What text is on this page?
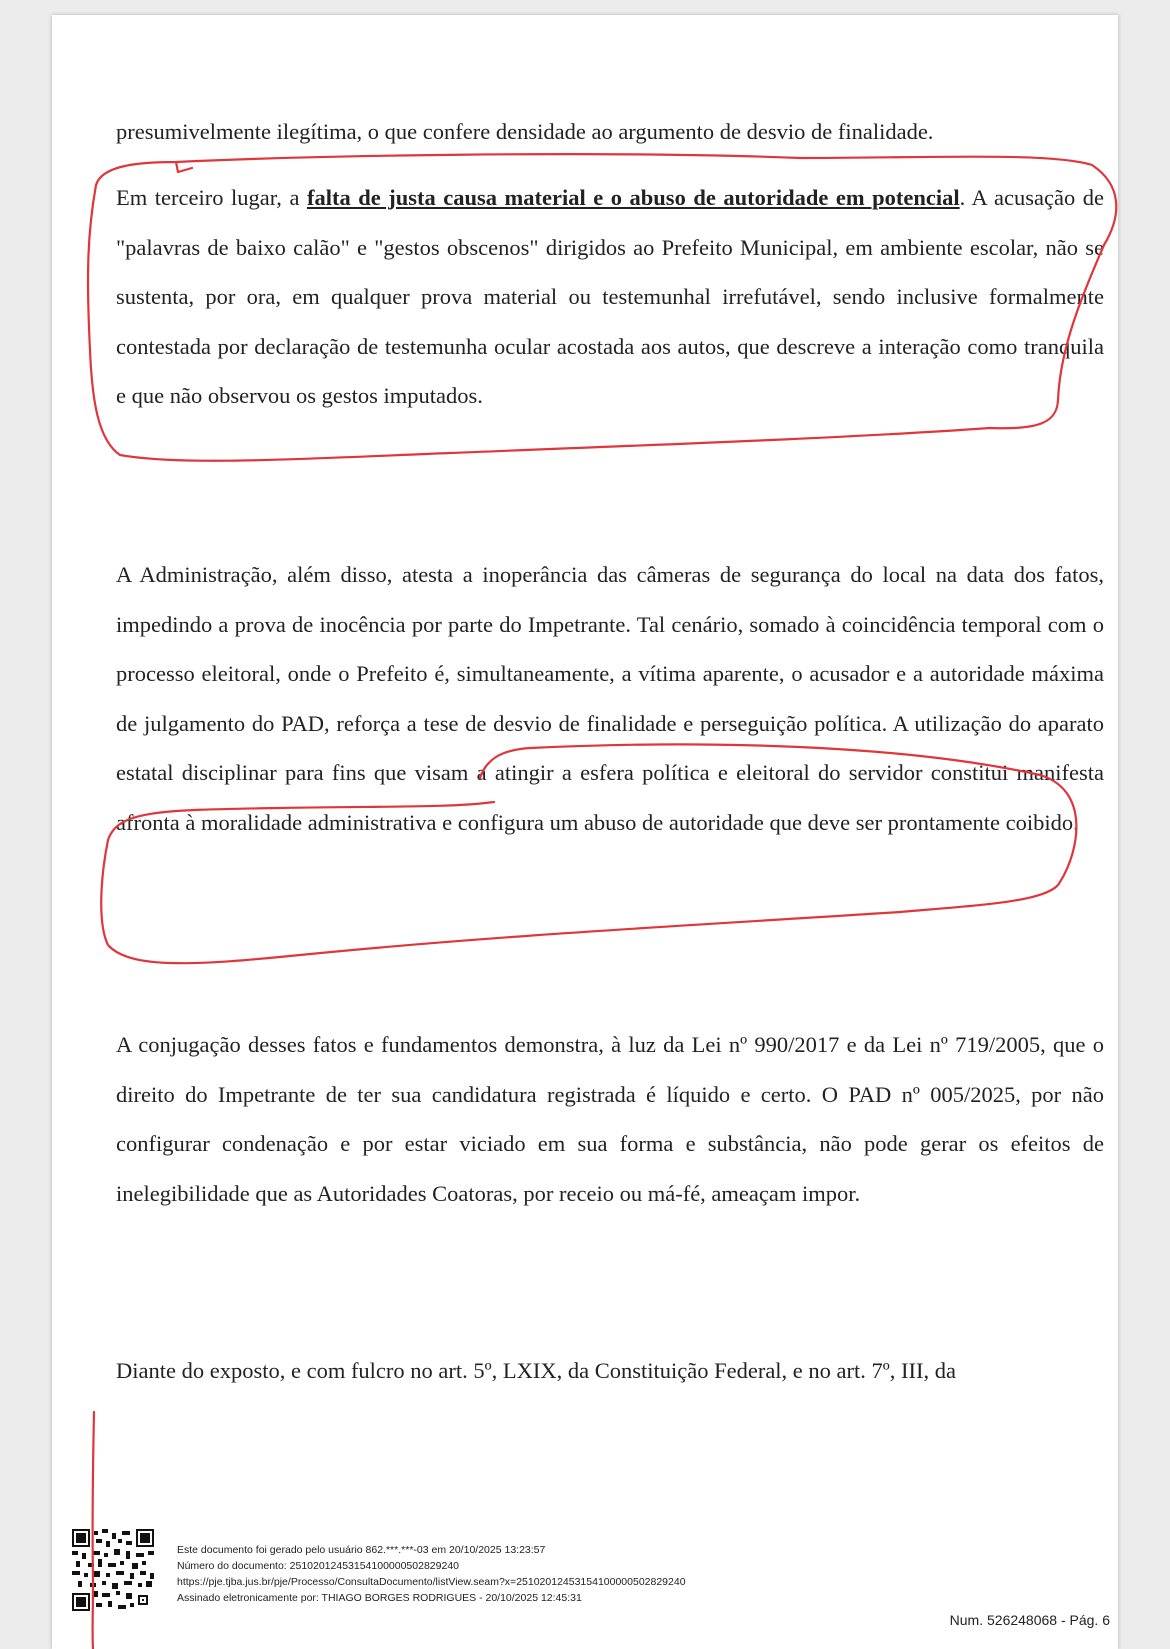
presumivelmente ilegítima, o que confere densidade ao argumento de desvio de finalidade.

Em terceiro lugar, a falta de justa causa material e o abuso de autoridade em potencial. A acusação de "palavras de baixo calão" e "gestos obscenos" dirigidos ao Prefeito Municipal, em ambiente escolar, não se sustenta, por ora, em qualquer prova material ou testemunhal irrefutável, sendo inclusive formalmente contestada por declaração de testemunha ocular acostada aos autos, que descreve a interação como tranquila e que não observou os gestos imputados.

A Administração, além disso, atesta a inoperância das câmeras de segurança do local na data dos fatos, impedindo a prova de inocência por parte do Impetrante. Tal cenário, somado à coincidência temporal com o processo eleitoral, onde o Prefeito é, simultaneamente, a vítima aparente, o acusador e a autoridade máxima de julgamento do PAD, reforça a tese de desvio de finalidade e perseguição política. A utilização do aparato estatal disciplinar para fins que visam a atingir a esfera política e eleitoral do servidor constitui manifesta afronta à moralidade administrativa e configura um abuso de autoridade que deve ser prontamente coibido.

A conjugação desses fatos e fundamentos demonstra, à luz da Lei nº 990/2017 e da Lei nº 719/2005, que o direito do Impetrante de ter sua candidatura registrada é líquido e certo. O PAD nº 005/2025, por não configurar condenação e por estar viciado em sua forma e substância, não pode gerar os efeitos de inelegibilidade que as Autoridades Coatoras, por receio ou má-fé, ameaçam impor.

Diante do exposto, e com fulcro no art. 5º, LXIX, da Constituição Federal, e no art. 7º, III, da

Este documento foi gerado pelo usuário 862.***.***-03 em 20/10/2025 13:23:57
Número do documento: 25102012453154100000502829240
https://pje.tjba.jus.br/pje/Processo/ConsultaDocumento/listView.seam?x=25102012453154100000502829240
Assinado eletronicamente por: THIAGO BORGES RODRIGUES - 20/10/2025 12:45:31
Num. 526248068 - Pág. 6
